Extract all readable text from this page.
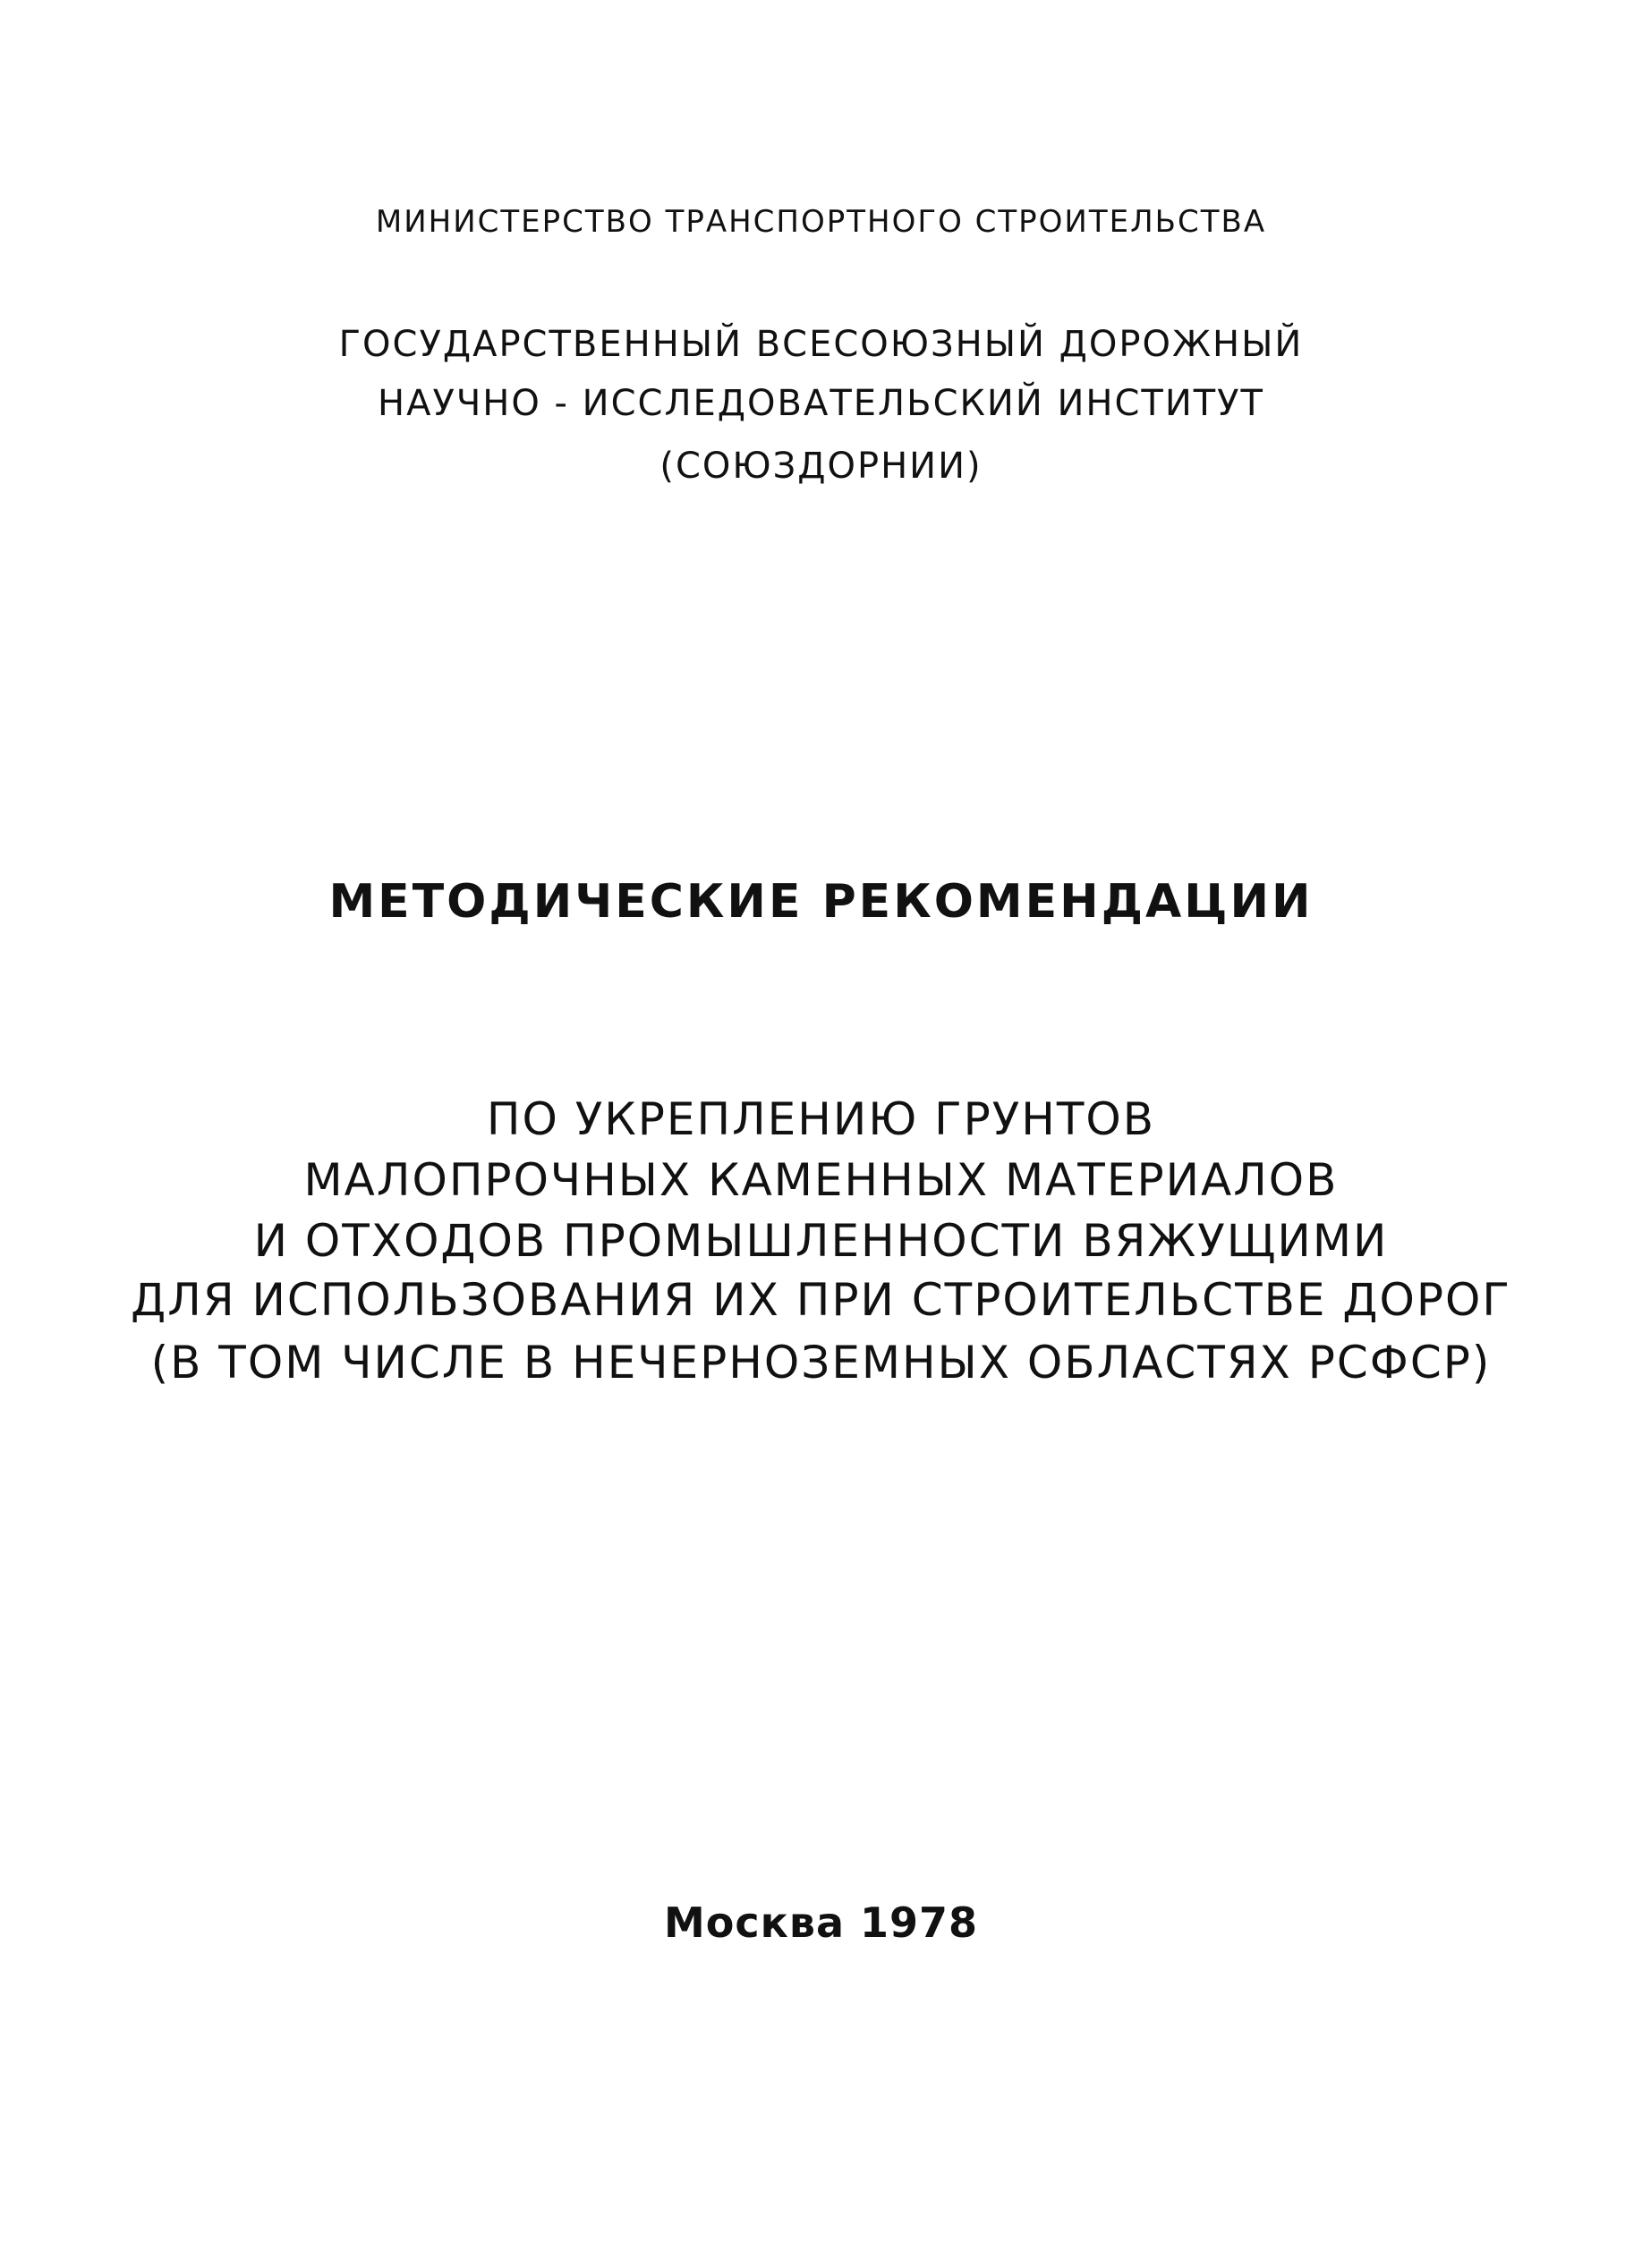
МИНИСТЕРСТВО ТРАНСПОРТНОГО СТРОИТЕЛЬСТВА
ГОСУДАРСТВЕННЫЙ ВСЕСОЮЗНЫЙ ДОРОЖНЫЙ
НАУЧНО - ИССЛЕДОВАТЕЛЬСКИЙ ИНСТИТУТ
(СОЮЗДОРНИИ)
МЕТОДИЧЕСКИЕ РЕКОМЕНДАЦИИ
ПО УКРЕПЛЕНИЮ ГРУНТОВ
МАЛОПРОЧНЫХ КАМЕННЫХ МАТЕРИАЛОВ
И ОТХОДОВ ПРОМЫШЛЕННОСТИ ВЯЖУЩИМИ
ДЛЯ ИСПОЛЬЗОВАНИЯ ИХ ПРИ СТРОИТЕЛЬСТВЕ ДОРОГ
(В ТОМ ЧИСЛЕ В НЕЧЕРНОЗЕМНЫХ ОБЛАСТЯХ РСФСР)
Москва 1978
